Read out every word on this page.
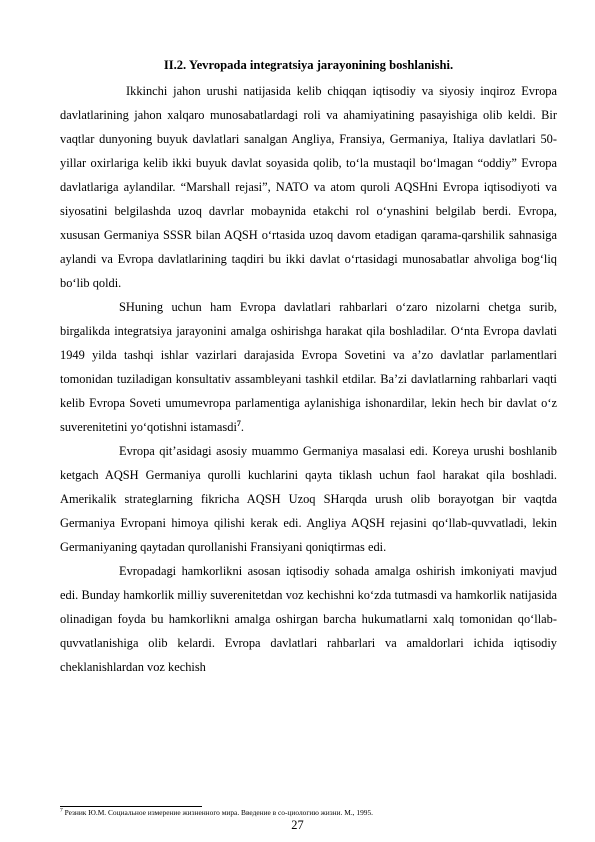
II.2. Yevropada integratsiya jarayonining boshlanishi.

Ikkinchi jahon urushi natijasida kelib chiqqan iqtisodiy va siyosiy inqiroz Evropa davlatlarining jahon xalqaro munosabatlardagi roli va ahamiyatining pasayishiga olib keldi. Bir vaqtlar dunyoning buyuk davlatlari sanalgan Angliya, Fransiya, Germaniya, Italiya davlatlari 50-yillar oxirlariga kelib ikki buyuk davlat soyasida qolib, to‘la mustaqil bo‘lmagan “oddiy” Evropa davlatlariga aylandilar. “Marshall rejasi”, NATO va atom quroli AQSHni Evropa iqtisodiyoti va siyosatini belgilashda uzoq davrlar mobaynida etakchi rol o‘ynashini belgilab berdi. Evropa, xususan Germaniya SSSR bilan AQSH o‘rtasida uzoq davom etadigan qarama-qarshilik sahnasiga aylandi va Evropa davlatlarining taqdiri bu ikki davlat o‘rtasidagi munosabatlar ahvoliga bog‘liq bo‘lib qoldi.

SHuning uchun ham Evropa davlatlari rahbarlari o‘zaro nizolarni chetga surib, birgalikda integratsiya jarayonini amalga oshirishga harakat qila boshladilar. O‘nta Evropa davlati 1949 yilda tashqi ishlar vazirlari darajasida Evropa Sovetini va a’zo davlatlar parlamentlari tomonidan tuziladigan konsultativ assambleyani tashkil etdilar. Ba’zi davlatlarning rahbarlari vaqti kelib Evropa Soveti umumevropa parlamentiga aylanishiga ishonardilar, lekin hech bir davlat o‘z suverenitetini yo‘qotishni istamasdi$^7$.

Evropa qit’asidagi asosiy muammo Germaniya masalasi edi. Koreya urushi boshlanib ketgach AQSH Germaniya qurolli kuchlarini qayta tiklash uchun faol harakat qila boshladi. Amerikalik strateglarning fikricha AQSH Uzoq SHarqda urush olib borayotgan bir vaqtda Germaniya Evropani himoya qilishi kerak edi. Angliya AQSH rejasini qo‘llab-quvvatladi, lekin Germaniyaning qaytadan qurollanishi Fransiyani qoniqtirmas edi.

Evropadagi hamkorlikni asosan iqtisodiy sohada amalga oshirish imkoniyati mavjud edi. Bunday hamkorlik milliy suverenitetdan voz kechishni ko‘zda tutmasdi va hamkorlik natijasida olinadigan foyda bu hamkorlikni amalga oshirgan barcha hukumatlarni xalq tomonidan qo‘llab-quvvatlanishiga olib kelardi. Evropa davlatlari rahbarlari va amaldorlari ichida iqtisodiy cheklanishlardan voz kechish

$^7$ Резник Ю.М. Социальное измерение жизненного мира. Введение в со-циологию жизни. М., 1995.
27
